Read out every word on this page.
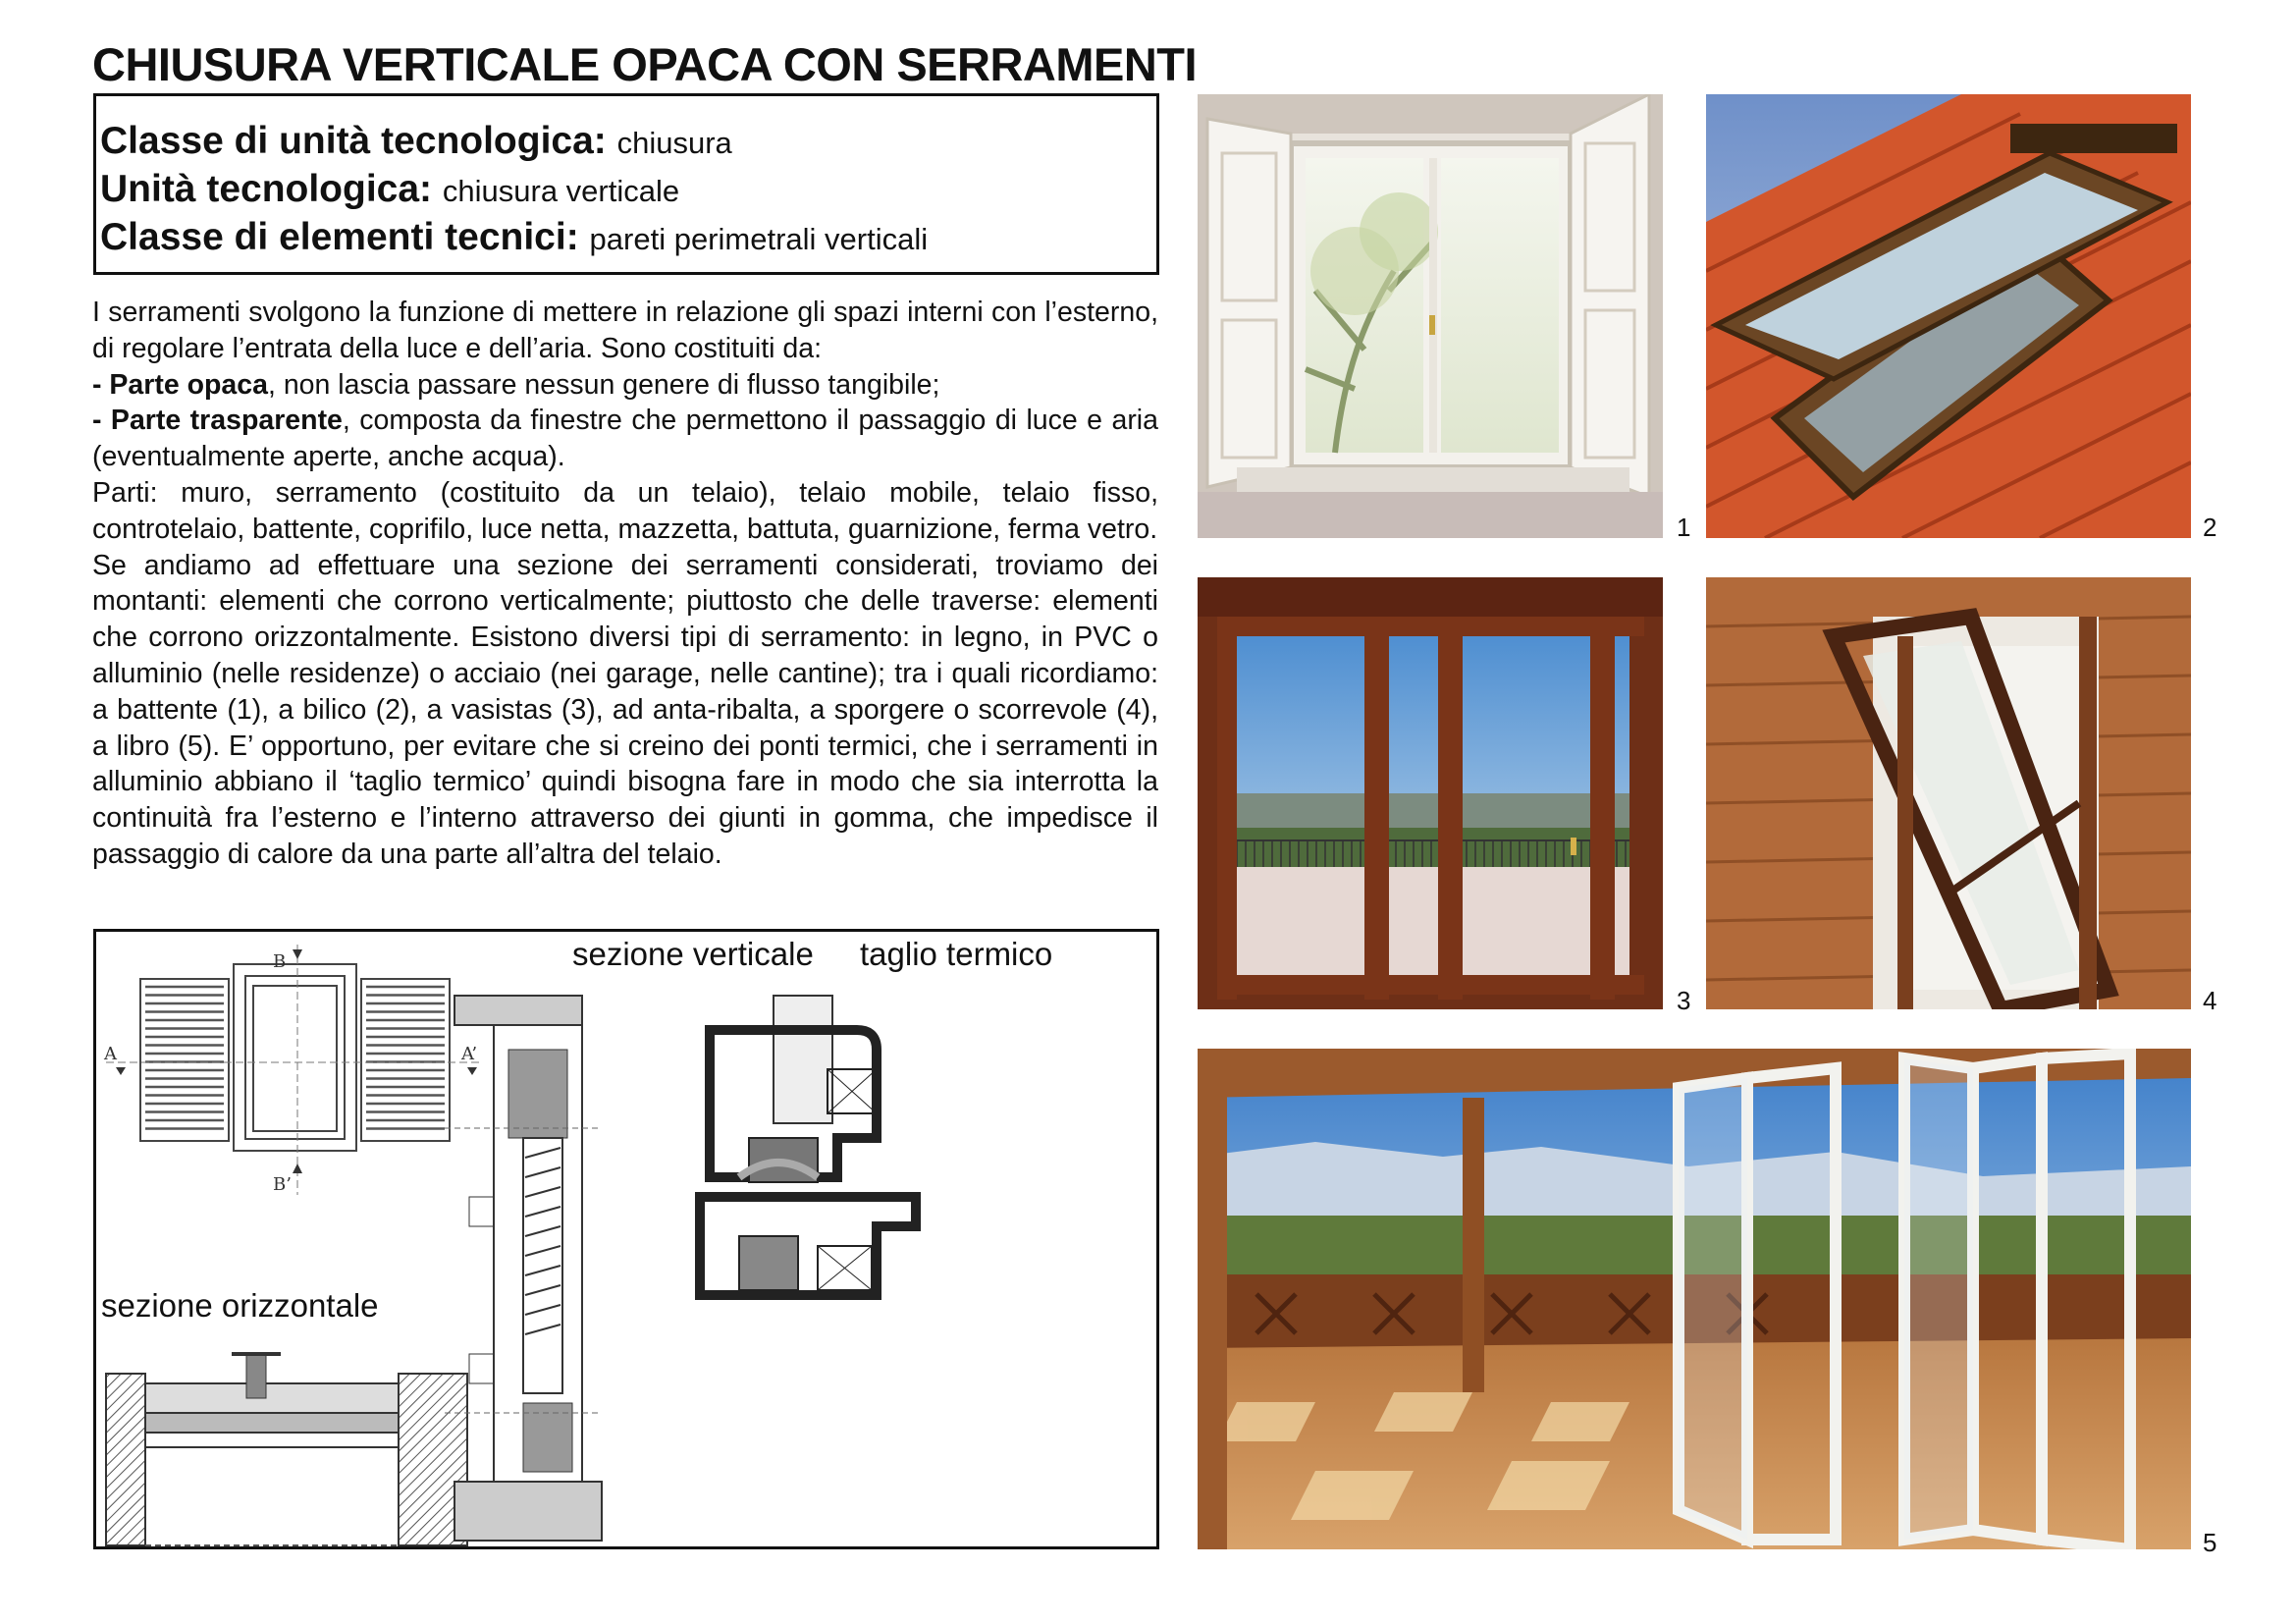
CHIUSURA VERTICALE OPACA CON SERRAMENTI
Classe di unità tecnologica: chiusura
Unità tecnologica: chiusura verticale
Classe di elementi tecnici: pareti perimetrali verticali

I serramenti svolgono la funzione di mettere in relazione gli spazi interni con l’esterno, di regolare l’entrata della luce e dell’aria. Sono costituiti da:

- Parte opaca, non lascia passare nessun genere di flusso tangibile;

- Parte trasparente, composta da finestre che permettono il passaggio di luce e aria (eventualmente aperte, anche acqua).

Parti: muro, serramento (costituito da un telaio), telaio mobile, telaio fisso, controtelaio, battente, coprifilo, luce netta, mazzetta, battuta, guarnizione, ferma vetro.

Se andiamo ad effettuare una sezione dei serramenti considerati, troviamo dei montanti: elementi che corrono verticalmente; piuttosto che delle traverse: elementi che corrono orizzontalmente. Esistono diversi tipi di serramento: in legno, in PVC o alluminio (nelle residenze) o acciaio (nei garage, nelle cantine); tra i quali ricordiamo: a battente (1), a bilico (2), a vasistas (3), ad anta-ribalta, a sporgere o scorrevole (4), a libro (5). E’ opportuno, per evitare che si creino dei ponti termici, che i serramenti in alluminio abbiano il ‘taglio termico’ quindi bisogna fare in modo che sia interrotta la continuità fra l’esterno e l’interno attraverso dei giunti in gomma, che impedisce il passaggio di calore da una parte all’altra del telaio.

sezione verticale taglio termico
sezione orizzontale
B
B’
A	A’
1	2
3	4
5
